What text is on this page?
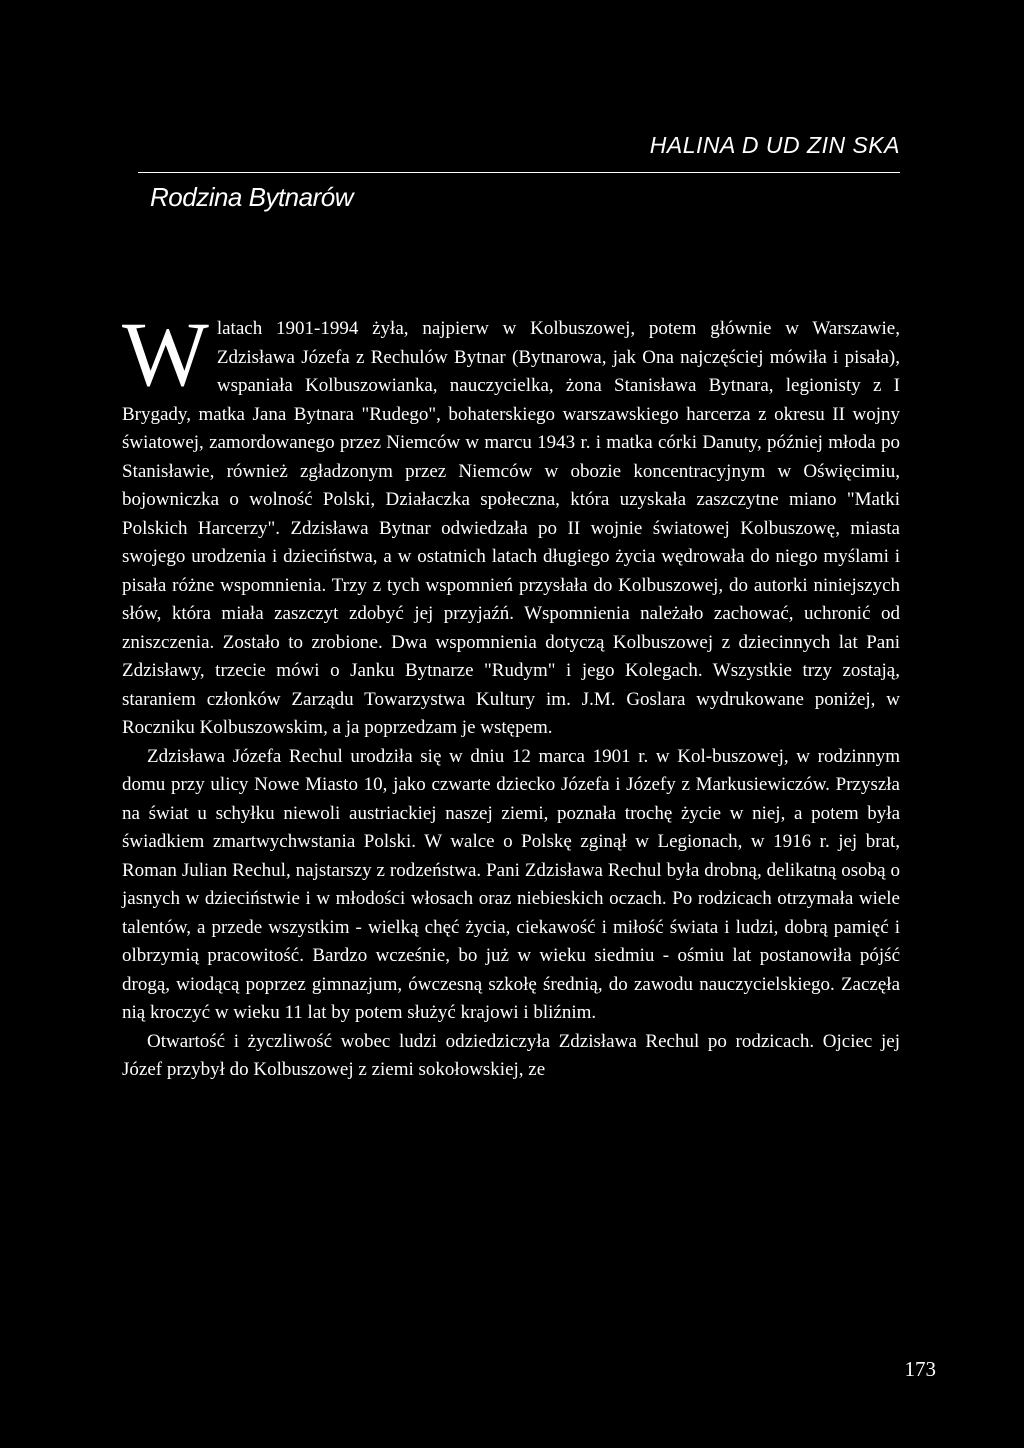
HALINA D UD ZIN SKA
Rodzina Bytnarów

Wlatach 1901-1994 żyła, najpierw w Kolbuszowej, potem głównie w Warszawie, Zdzisława Józefa z Rechulów Bytnar (Bytnarowa, jak Ona najczęściej mówiła i pisała), wspaniała Kolbuszowianka, nauczycielka, żona Stanisława Bytnara, legionisty z I Brygady, matka Jana Bytnara "Rudego", bohaterskiego warszawskiego harcerza z okresu II wojny światowej, zamordowanego przez Niemców w marcu 1943 r. i matka córki Danuty, później młoda po Stanisławie, również zgładzonym przez Niemców w obozie koncentracyjnym w Oświęcimiu, bojowniczka o wolność Polski, Działaczka społeczna, która uzyskała zaszczytne miano "Matki Polskich Harcerzy". Zdzisława Bytnar odwiedzała po II wojnie światowej Kolbuszowę, miasta swojego urodzenia i dzieciństwa, a w ostatnich latach długiego życia wędrowała do niego myślami i pisała różne wspomnienia. Trzy z tych wspomnień przysłała do Kolbuszowej, do autorki niniejszych słów, która miała zaszczyt zdobyć jej przyjaźń. Wspomnienia należało zachować, uchronić od zniszczenia. Zostało to zrobione. Dwa wspomnienia dotyczą Kolbuszowej z dziecinnych lat Pani Zdzisławy, trzecie mówi o Janku Bytnarze "Rudym" i jego Kolegach. Wszystkie trzy zostają, staraniem członków Zarządu Towarzystwa Kultury im. J.M. Goslara wydrukowane poniżej, w Roczniku Kolbuszowskim, a ja poprzedzam je wstępem.

Zdzisława Józefa Rechul urodziła się w dniu 12 marca 1901 r. w Kol-buszowej, w rodzinnym domu przy ulicy Nowe Miasto 10, jako czwarte dziecko Józefa i Józefy z Markusiewiczów. Przyszła na świat u schyłku niewoli austriackiej naszej ziemi, poznała trochę życie w niej, a potem była świadkiem zmartwychwstania Polski. W walce o Polskę zginął w Legionach, w 1916 r. jej brat, Roman Julian Rechul, najstarszy z rodzeństwa. Pani Zdzisława Rechul była drobną, delikatną osobą o jasnych w dzieciństwie i w młodości włosach oraz niebieskich oczach. Po rodzicach otrzymała wiele talentów, a przede wszystkim - wielką chęć życia, ciekawość i miłość świata i ludzi, dobrą pamięć i olbrzymią pracowitość. Bardzo wcześnie, bo już w wieku siedmiu - ośmiu lat postanowiła pójść drogą, wiodącą poprzez gimnazjum, ówczesną szkołę średnią, do zawodu nauczycielskiego. Zaczęła nią kroczyć w wieku 11 lat by potem służyć krajowi i bliźnim.

Otwartość i życzliwość wobec ludzi odziedziczyła Zdzisława Rechul po rodzicach. Ojciec jej Józef przybył do Kolbuszowej z ziemi sokołowskiej, ze

173
